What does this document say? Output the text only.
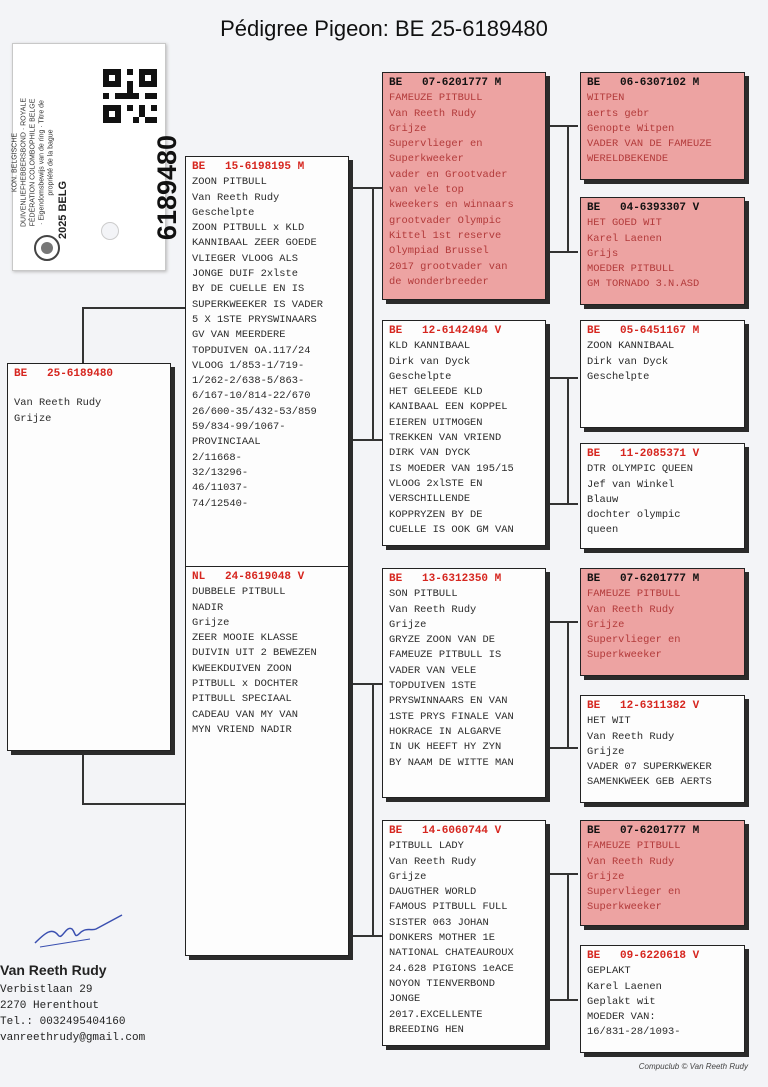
Pédigree Pigeon: BE 25-6189480
KON. BELGISCHE DUIVENLIEFHEBBERSBOND · ROYALE FÉDÉRATION COLOMBOPHILE BELGE · Eigendomsbewijs van de ring · Titre de propriété de la bague
2025 BELG	6189480
BE   25-6189480
Van Reeth Rudy
Grijze
BE   15-6198195 M
ZOON PITBULL
Van Reeth Rudy
Geschelpte
ZOON PITBULL x KLD
KANNIBAAL ZEER GOEDE
VLIEGER VLOOG ALS
JONGE DUIF 2xlste
BY DE CUELLE EN IS
SUPERKWEEKER IS VADER
5 X 1STE PRYSWINAARS
GV VAN MEERDERE
TOPDUIVEN OA.117/24
VLOOG 1/853-1/719-
1/262-2/638-5/863-
6/167-10/814-22/670
26/600-35/432-53/859
59/834-99/1067-
PROVINCIAAL
2/11668-
32/13296-
46/11037-
74/12540-
NL   24-8619048 V
DUBBELE PITBULL
NADIR
Grijze
ZEER MOOIE KLASSE
DUIVIN UIT 2 BEWEZEN
KWEEKDUIVEN ZOON
PITBULL x DOCHTER
PITBULL SPECIAAL
CADEAU VAN MY VAN
MYN VRIEND NADIR
BE   07-6201777 M
FAMEUZE PITBULL
Van Reeth Rudy
Grijze
Supervlieger en
Superkweeker
vader en Grootvader
van vele top
kweekers en winnaars
grootvader Olympic
Kittel 1st reserve
Olympiad Brussel
2017 grootvader van
de wonderbreeder
BE   12-6142494 V
KLD KANNIBAAL
Dirk van Dyck
Geschelpte
HET GELEEDE KLD
KANIBAAL EEN KOPPEL
EIEREN UITMOGEN
TREKKEN VAN VRIEND
DIRK VAN DYCK
IS MOEDER VAN 195/15
VLOOG 2xlSTE EN
VERSCHILLENDE
KOPPRYZEN BY DE
CUELLE IS OOK GM VAN
BE   13-6312350 M
SON PITBULL
Van Reeth Rudy
Grijze
GRYZE ZOON VAN DE
FAMEUZE PITBULL IS
VADER VAN VELE
TOPDUIVEN 1STE
PRYSWINNAARS EN VAN
1STE PRYS FINALE VAN
HOKRACE IN ALGARVE
IN UK HEEFT HY ZYN
BY NAAM DE WITTE MAN
BE   14-6060744 V
PITBULL LADY
Van Reeth Rudy
Grijze
DAUGTHER WORLD
FAMOUS PITBULL FULL
SISTER 063 JOHAN
DONKERS MOTHER 1E
NATIONAL CHATEAUROUX
24.628 PIGIONS 1eACE
NOYON TIENVERBOND
JONGE
2017.EXCELLENTE
BREEDING HEN
BE   06-6307102 M
WITPEN
aerts gebr
Genopte Witpen
VADER VAN DE FAMEUZE
WERELDBEKENDE
BE   04-6393307 V
HET GOED WIT
Karel Laenen
Grijs
MOEDER PITBULL
GM TORNADO 3.N.ASD
BE   05-6451167 M
ZOON KANNIBAAL
Dirk van Dyck
Geschelpte
BE   11-2085371 V
DTR OLYMPIC QUEEN
Jef van Winkel
Blauw
dochter olympic
queen
BE   07-6201777 M
FAMEUZE PITBULL
Van Reeth Rudy
Grijze
Supervlieger en
Superkweeker
BE   12-6311382 V
HET WIT
Van Reeth Rudy
Grijze
VADER 07 SUPERKWEKER
SAMENKWEEK GEB AERTS
BE   07-6201777 M
FAMEUZE PITBULL
Van Reeth Rudy
Grijze
Supervlieger en
Superkweeker
BE   09-6220618 V
GEPLAKT
Karel Laenen
Geplakt wit
MOEDER VAN:
16/831-28/1093-
Van Reeth Rudy
Verbistlaan 29
2270 Herenthout
Tel.: 0032495404160
vanreethrudy@gmail.com
Compuclub © Van Reeth Rudy
